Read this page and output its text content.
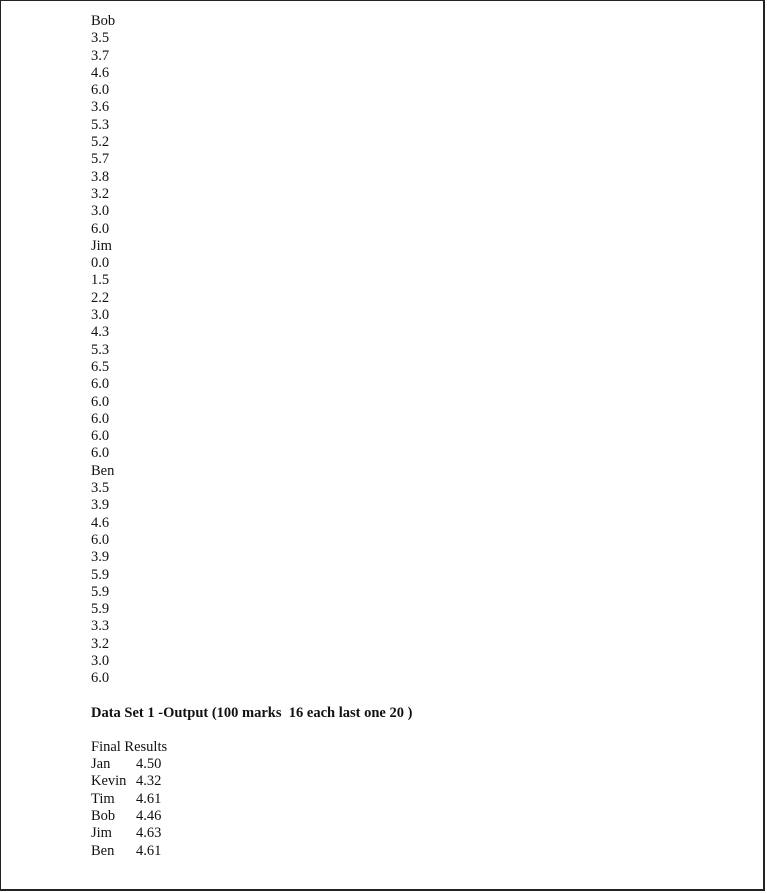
Bob
3.5
3.7
4.6
6.0
3.6
5.3
5.2
5.7
3.8
3.2
3.0
6.0
Jim
0.0
1.5
2.2
3.0
4.3
5.3
6.5
6.0
6.0
6.0
6.0
6.0
Ben
3.5
3.9
4.6
6.0
3.9
5.9
5.9
5.9
3.3
3.2
3.0
6.0
Data Set 1 -Output (100 marks  16 each last one 20 )
Final Results
Jan	4.50
Kevin 4.32
Tim	4.61
Bob	4.46
Jim	4.63
Ben	4.61
